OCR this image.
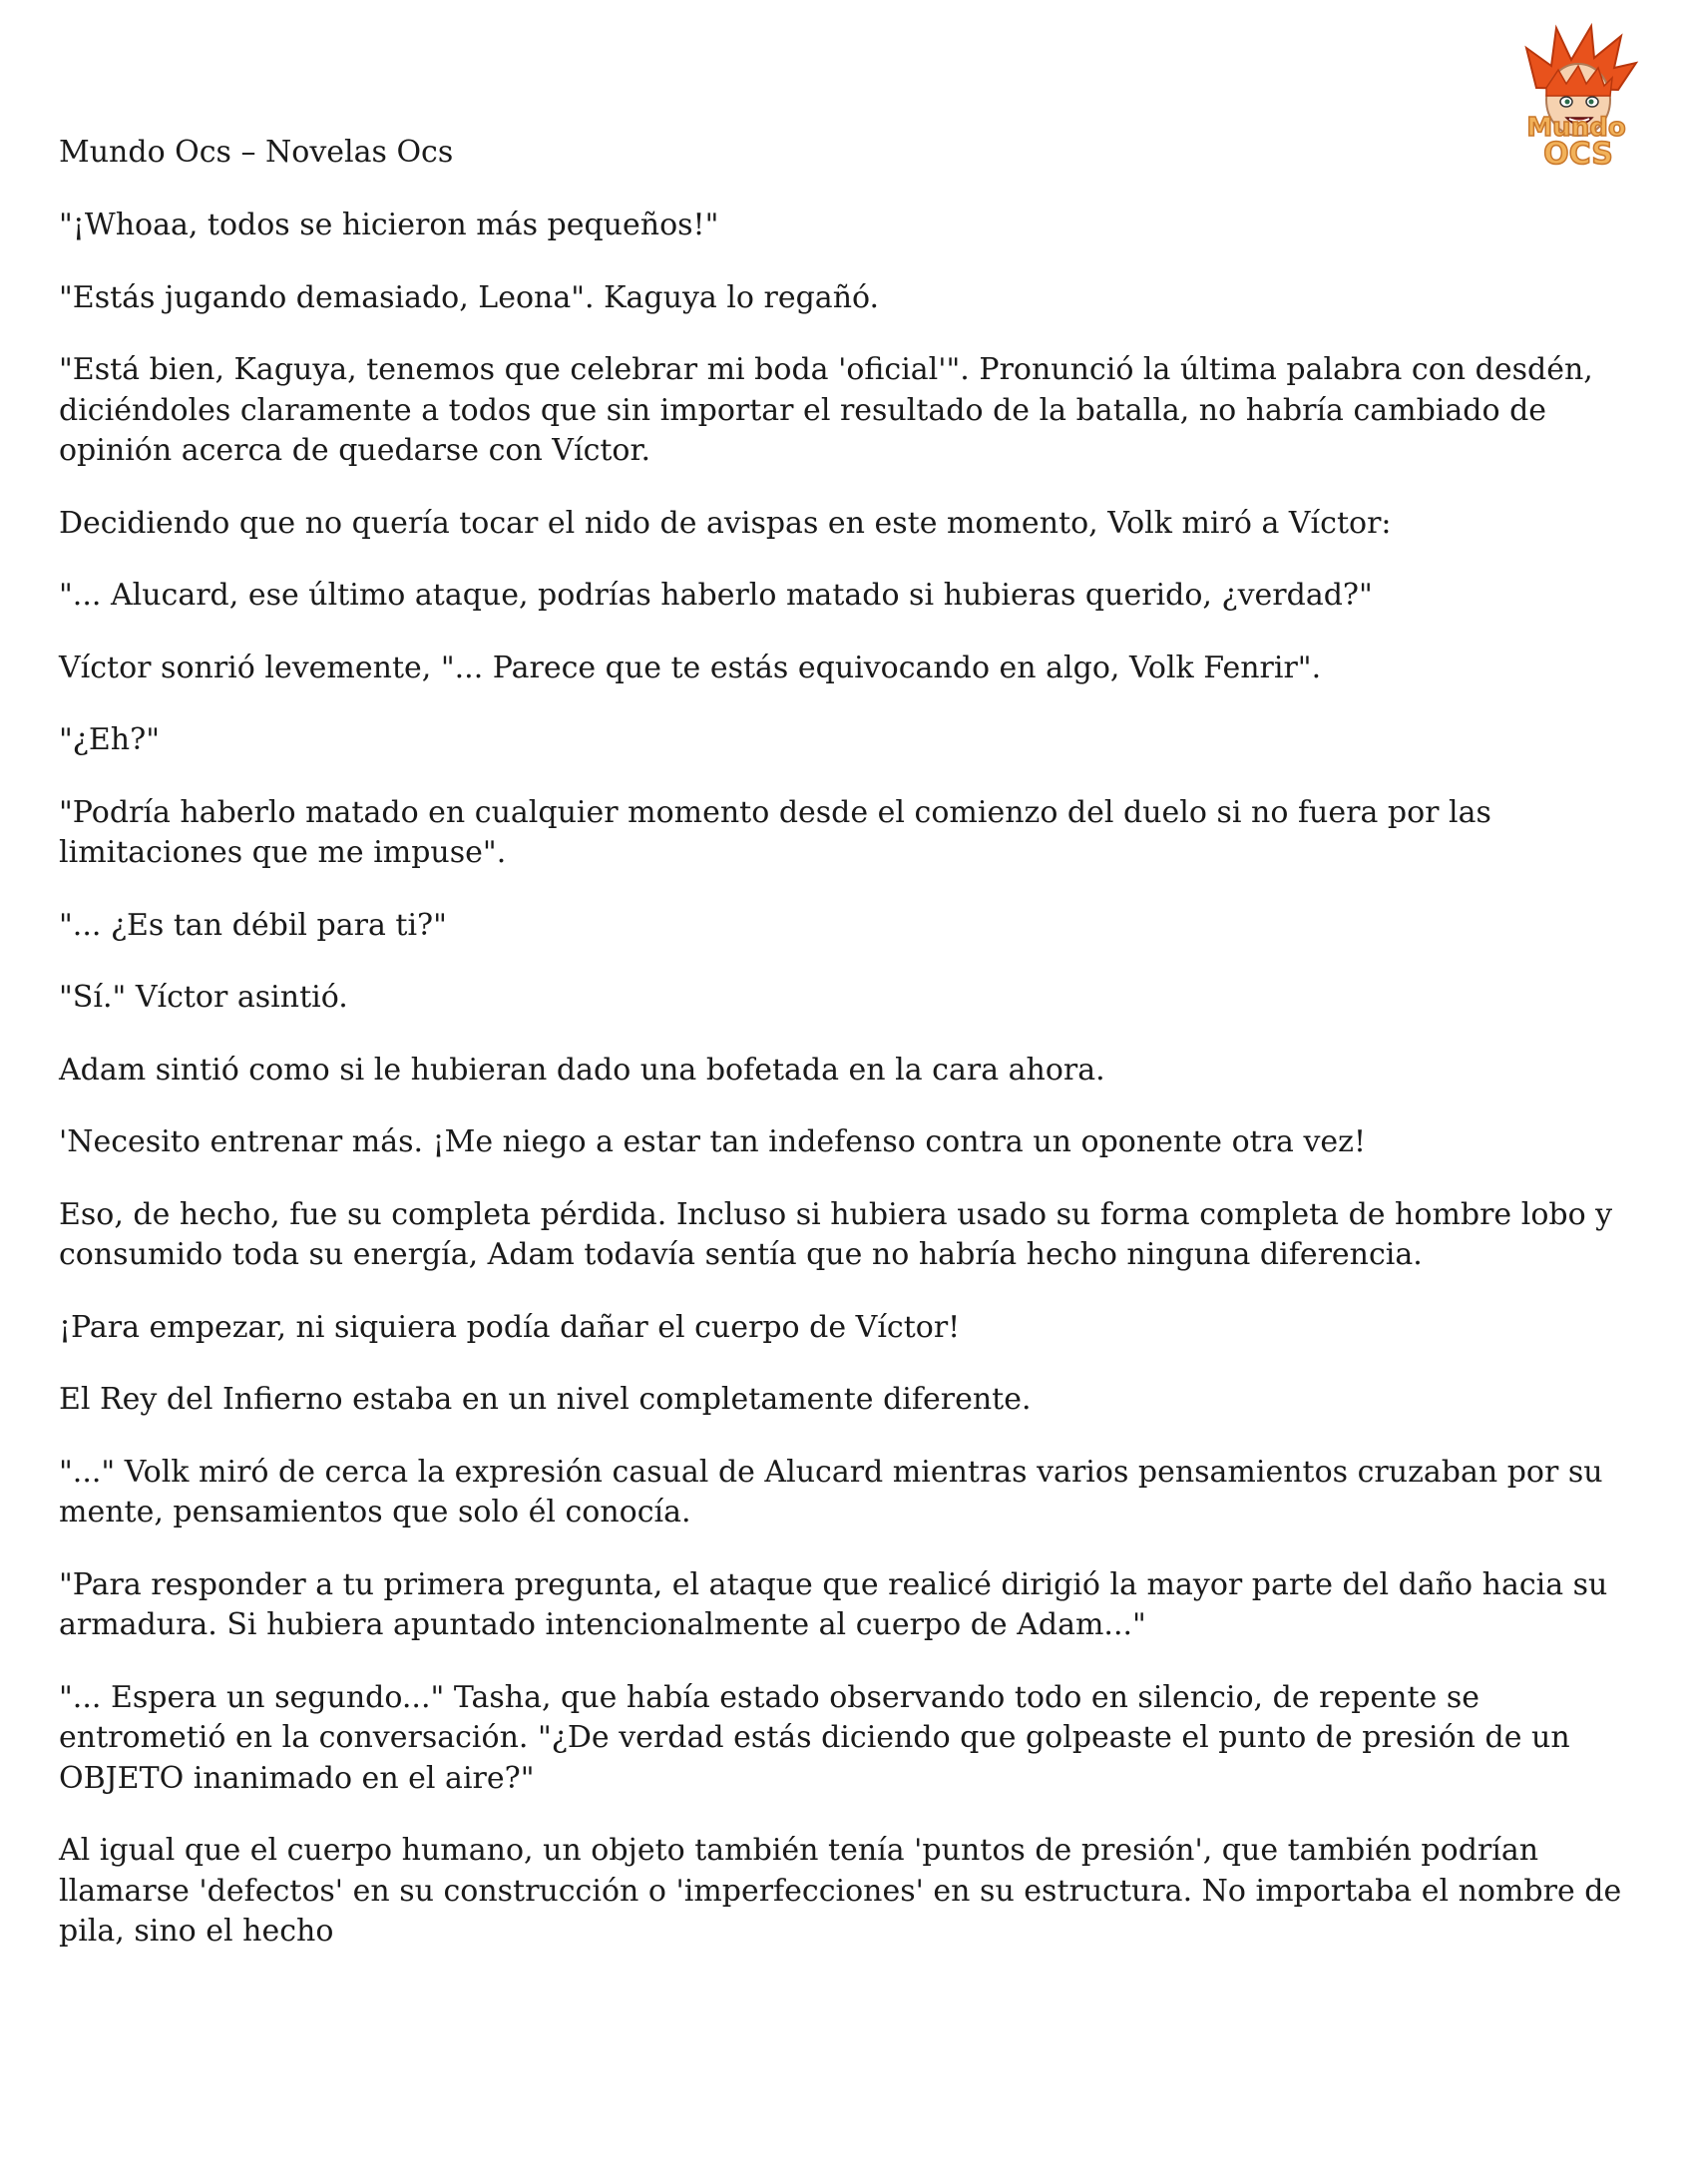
Mundo
OCS
Mundo Ocs – Novelas Ocs

"¡Whoaa, todos se hicieron más pequeños!"

"Estás jugando demasiado, Leona". Kaguya lo regañó.

"Está bien, Kaguya, tenemos que celebrar mi boda 'oficial'". Pronunció la última palabra con desdén, diciéndoles claramente a todos que sin importar el resultado de la batalla, no habría cambiado de opinión acerca de quedarse con Víctor.

Decidiendo que no quería tocar el nido de avispas en este momento, Volk miró a Víctor:

"... Alucard, ese último ataque, podrías haberlo matado si hubieras querido, ¿verdad?"

Víctor sonrió levemente, "... Parece que te estás equivocando en algo, Volk Fenrir".

"¿Eh?"

"Podría haberlo matado en cualquier momento desde el comienzo del duelo si no fuera por las limitaciones que me impuse".

"... ¿Es tan débil para ti?"

"Sí." Víctor asintió.

Adam sintió como si le hubieran dado una bofetada en la cara ahora.

'Necesito entrenar más. ¡Me niego a estar tan indefenso contra un oponente otra vez!

Eso, de hecho, fue su completa pérdida. Incluso si hubiera usado su forma completa de hombre lobo y consumido toda su energía, Adam todavía sentía que no habría hecho ninguna diferencia.

¡Para empezar, ni siquiera podía dañar el cuerpo de Víctor!

El Rey del Infierno estaba en un nivel completamente diferente.

"..." Volk miró de cerca la expresión casual de Alucard mientras varios pensamientos cruzaban por su mente, pensamientos que solo él conocía.

"Para responder a tu primera pregunta, el ataque que realicé dirigió la mayor parte del daño hacia su armadura. Si hubiera apuntado intencionalmente al cuerpo de Adam..."

"... Espera un segundo..." Tasha, que había estado observando todo en silencio, de repente se entrometió en la conversación. "¿De verdad estás diciendo que golpeaste el punto de presión de un OBJETO inanimado en el aire?"

Al igual que el cuerpo humano, un objeto también tenía 'puntos de presión', que también podrían llamarse 'defectos' en su construcción o 'imperfecciones' en su estructura. No importaba el nombre de pila, sino el hecho
